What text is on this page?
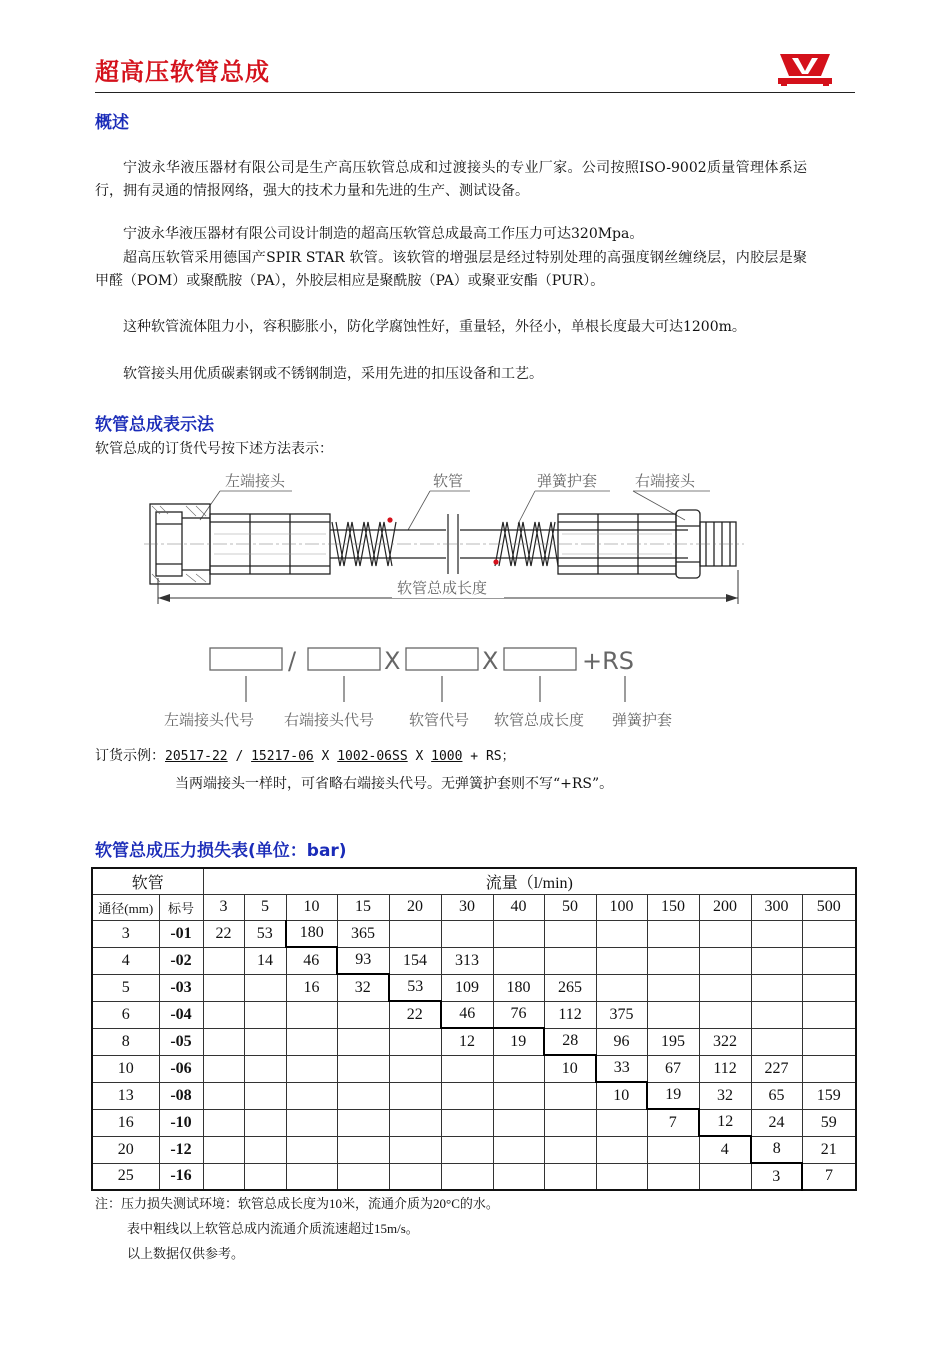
超高压软管总成
概述
宁波永华液压器材有限公司是生产高压软管总成和过渡接头的专业厂家。公司按照ISO-9002质量管理体系运行，拥有灵通的情报网络，强大的技术力量和先进的生产、测试设备。
宁波永华液压器材有限公司设计制造的超高压软管总成最高工作压力可达320Mpa。
超高压软管采用德国产SPIR STAR 软管。该软管的增强层是经过特别处理的高强度钢丝缠绕层，内胶层是聚甲醛（POM）或聚酰胺（PA），外胶层相应是聚酰胺（PA）或聚亚安酯（PUR）。
这种软管流体阻力小，容积膨胀小，防化学腐蚀性好，重量轻，外径小，单根长度最大可达1200m。
软管接头用优质碳素钢或不锈钢制造，采用先进的扣压设备和工艺。
软管总成表示法
软管总成的订货代号按下述方法表示：
左端接头	软管	弹簧护套	右端接头
软管总成长度
/	X	X	+RS
左端接头代号 右端接头代号 软管代号 软管总成长度 弹簧护套
订货示例：20517-22 / 15217-06 X 1002-06SS X 1000 + RS；
当两端接头一样时，可省略右端接头代号。无弹簧护套则不写“+RS”。
软管总成压力损失表(单位：bar)
软管		流量（l/min)												
通径(mm)	标号	3	5	10	15	20	30	40	50	100	150	200	300	500
3	-01	22	53	180	365									
4	-02		14	46	93	154	313							
5	-03			16	32	53	109	180	265					
6	-04					22	46	76	112	375				
8	-05						12	19	28	96	195	322		
10	-06								10	33	67	112	227	
13	-08									10	19	32	65	159
16	-10										7	12	24	59
20	-12											4	8	21
25	-16												3	7
注：压力损失测试环境：软管总成长度为10米，流通介质为20°C的水。
表中粗线以上软管总成内流通介质流速超过15m/s。
以上数据仅供参考。
